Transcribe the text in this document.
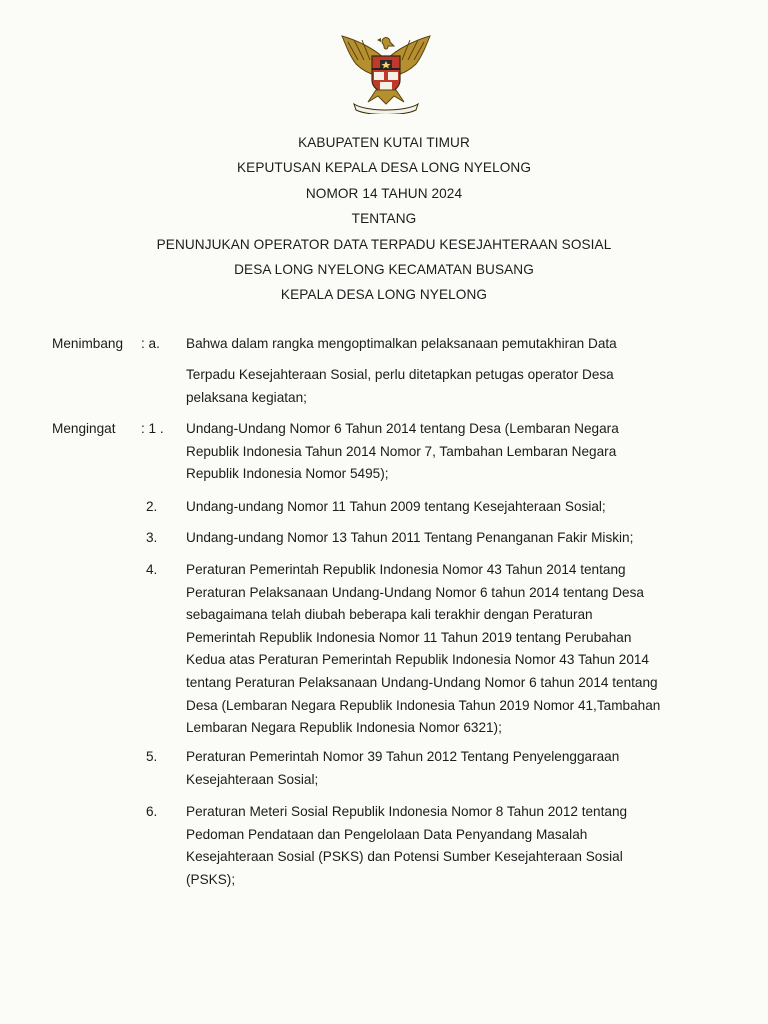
KABUPATEN KUTAI TIMUR
KEPUTUSAN KEPALA DESA LONG NYELONG
NOMOR 14 TAHUN 2024
TENTANG
PENUNJUKAN OPERATOR DATA TERPADU KESEJAHTERAAN SOSIAL
DESA LONG NYELONG KECAMATAN BUSANG
KEPALA DESA LONG NYELONG
Menimbang : a. Bahwa dalam rangka mengoptimalkan pelaksanaan pemutakhiran Data
Terpadu Kesejahteraan Sosial, perlu ditetapkan petugas operator Desa
pelaksana kegiatan;
Mengingat : 1 . Undang-Undang Nomor 6 Tahun 2014 tentang Desa (Lembaran Negara
Republik Indonesia Tahun 2014 Nomor 7, Tambahan Lembaran Negara
Republik Indonesia Nomor 5495);
2. Undang-undang Nomor 11 Tahun 2009 tentang Kesejahteraan Sosial;
3. Undang-undang Nomor 13 Tahun 2011 Tentang Penanganan Fakir Miskin;
4. Peraturan Pemerintah Republik Indonesia Nomor 43 Tahun 2014 tentang
Peraturan Pelaksanaan Undang-Undang Nomor 6 tahun 2014 tentang Desa
sebagaimana telah diubah beberapa kali terakhir dengan Peraturan
Pemerintah Republik Indonesia Nomor 11 Tahun 2019 tentang Perubahan
Kedua atas Peraturan Pemerintah Republik Indonesia Nomor 43 Tahun 2014
tentang Peraturan Pelaksanaan Undang-Undang Nomor 6 tahun 2014 tentang
Desa (Lembaran Negara Republik Indonesia Tahun 2019 Nomor 41,Tambahan
Lembaran Negara Republik Indonesia Nomor 6321);
5. Peraturan Pemerintah Nomor 39 Tahun 2012 Tentang Penyelenggaraan
Kesejahteraan Sosial;
6. Peraturan Meteri Sosial Republik Indonesia Nomor 8 Tahun 2012 tentang
Pedoman Pendataan dan Pengelolaan Data Penyandang Masalah
Kesejahteraan Sosial (PSKS) dan Potensi Sumber Kesejahteraan Sosial
(PSKS);
